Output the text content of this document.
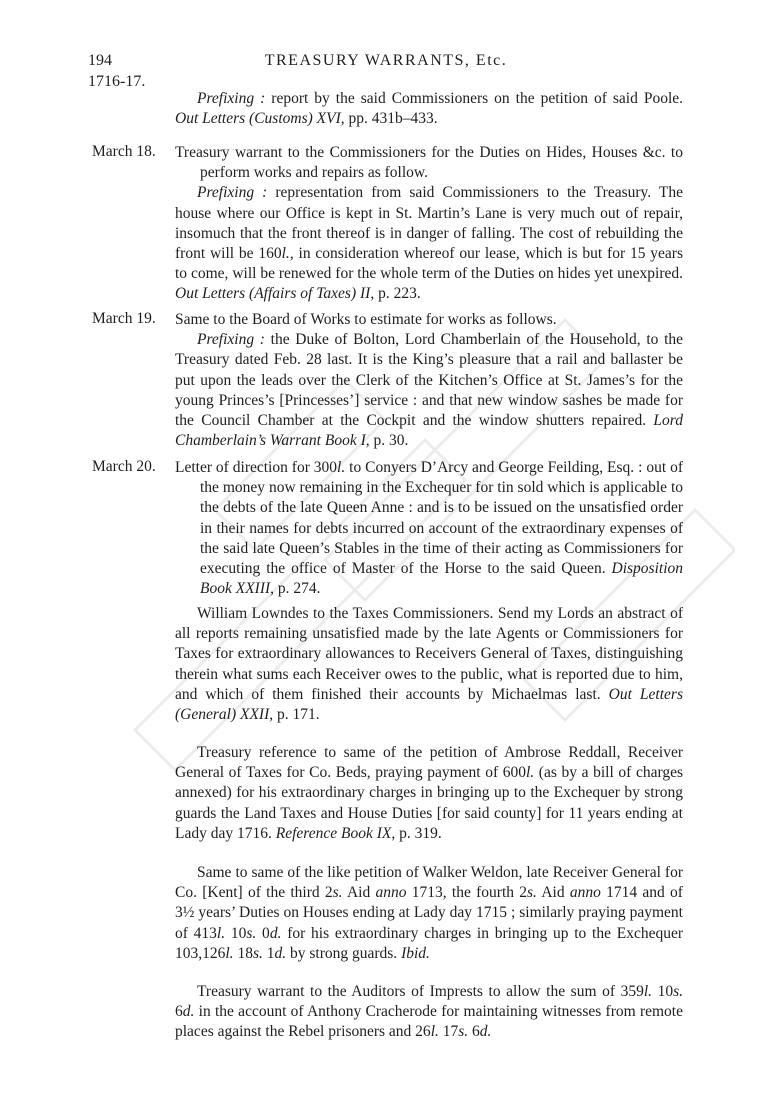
194	TREASURY WARRANTS, Etc.
1716-17.

Prefixing : report by the said Commissioners on the petition of said Poole. Out Letters (Customs) XVI, pp. 431b–433.

March 18. Treasury warrant to the Commissioners for the Duties on Hides, Houses &c. to perform works and repairs as follow.

Prefixing : representation from said Commissioners to the Treasury. The house where our Office is kept in St. Martin’s Lane is very much out of repair, insomuch that the front thereof is in danger of falling. The cost of rebuilding the front will be 160l., in consideration whereof our lease, which is but for 15 years to come, will be renewed for the whole term of the Duties on hides yet unexpired. Out Letters (Affairs of Taxes) II, p. 223.

March 19. Same to the Board of Works to estimate for works as follows.

Prefixing : the Duke of Bolton, Lord Chamberlain of the Household, to the Treasury dated Feb. 28 last. It is the King’s pleasure that a rail and ballaster be put upon the leads over the Clerk of the Kitchen’s Office at St. James’s for the young Princes’s [Princesses’] service : and that new window sashes be made for the Council Chamber at the Cockpit and the window shutters repaired. Lord Chamberlain’s Warrant Book I, p. 30.

March 20. Letter of direction for 300l. to Conyers D’Arcy and George Feilding, Esq. : out of the money now remaining in the Exchequer for tin sold which is applicable to the debts of the late Queen Anne : and is to be issued on the unsatisfied order in their names for debts incurred on account of the extraordinary expenses of the said late Queen’s Stables in the time of their acting as Commissioners for executing the office of Master of the Horse to the said Queen. Disposition Book XXIII, p. 274.

William Lowndes to the Taxes Commissioners. Send my Lords an abstract of all reports remaining unsatisfied made by the late Agents or Commissioners for Taxes for extraordinary allowances to Receivers General of Taxes, distinguishing therein what sums each Receiver owes to the public, what is reported due to him, and which of them finished their accounts by Michaelmas last. Out Letters (General) XXII, p. 171.

Treasury reference to same of the petition of Ambrose Reddall, Receiver General of Taxes for Co. Beds, praying payment of 600l. (as by a bill of charges annexed) for his extraordinary charges in bringing up to the Exchequer by strong guards the Land Taxes and House Duties [for said county] for 11 years ending at Lady day 1716. Reference Book IX, p. 319.

Same to same of the like petition of Walker Weldon, late Receiver General for Co. [Kent] of the third 2s. Aid anno 1713, the fourth 2s. Aid anno 1714 and of 3½ years’ Duties on Houses ending at Lady day 1715 ; similarly praying payment of 413l. 10s. 0d. for his extraordinary charges in bringing up to the Exchequer 103,126l. 18s. 1d. by strong guards. Ibid.

Treasury warrant to the Auditors of Imprests to allow the sum of 359l. 10s. 6d. in the account of Anthony Cracherode for maintaining witnesses from remote places against the Rebel prisoners and 26l. 17s. 6d.
